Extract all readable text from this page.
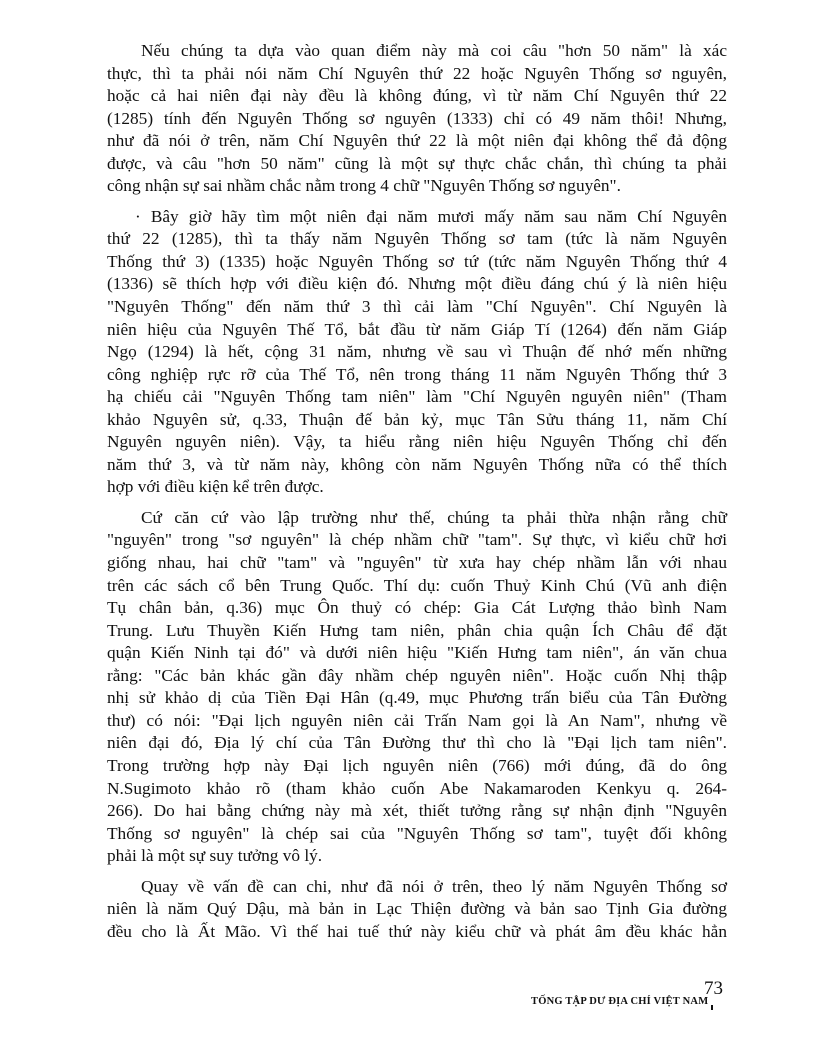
Nếu chúng ta dựa vào quan điểm này mà coi câu "hơn 50 năm" là xác
thực, thì ta phải nói năm Chí Nguyên thứ 22 hoặc Nguyên Thống sơ nguyên,
hoặc cả hai niên đại này đều là không đúng, vì từ năm Chí Nguyên thứ 22
(1285) tính đến Nguyên Thống sơ nguyên (1333) chỉ có 49 năm thôi! Nhưng,
như đã nói ở trên, năm Chí Nguyên thứ 22 là một niên đại không thể đả động
được, và câu "hơn 50 năm" cũng là một sự thực chắc chắn, thì chúng ta phải
công nhận sự sai nhầm chắc nằm trong 4 chữ "Nguyên Thống sơ nguyên".

· Bây giờ hãy tìm một niên đại năm mươi mấy năm sau năm Chí Nguyên
thứ 22 (1285), thì ta thấy năm Nguyên Thống sơ tam (tức là năm Nguyên
Thống thứ 3) (1335) hoặc Nguyên Thống sơ tứ (tức năm Nguyên Thống thứ 4
(1336) sẽ thích hợp với điều kiện đó. Nhưng một điều đáng chú ý là niên hiệu
"Nguyên Thống" đến năm thứ 3 thì cải làm "Chí Nguyên". Chí Nguyên là
niên hiệu của Nguyên Thế Tổ, bắt đầu từ năm Giáp Tí (1264) đến năm Giáp
Ngọ (1294) là hết, cộng 31 năm, nhưng về sau vì Thuận đế nhớ mến những
công nghiệp rực rỡ của Thế Tổ, nên trong tháng 11 năm Nguyên Thống thứ 3
hạ chiếu cải "Nguyên Thống tam niên" làm "Chí Nguyên nguyên niên" (Tham
khảo Nguyên sử, q.33, Thuận đế bản kỷ, mục Tân Sửu tháng 11, năm Chí
Nguyên nguyên niên). Vậy, ta hiểu rằng niên hiệu Nguyên Thống chỉ đến
năm thứ 3, và từ năm này, không còn năm Nguyên Thống nữa có thể thích
hợp với điều kiện kể trên được.

Cứ căn cứ vào lập trường như thế, chúng ta phải thừa nhận rằng chữ
"nguyên" trong "sơ nguyên" là chép nhầm chữ "tam". Sự thực, vì kiểu chữ hơi
giống nhau, hai chữ "tam" và "nguyên" từ xưa hay chép nhầm lẫn với nhau
trên các sách cổ bên Trung Quốc. Thí dụ: cuốn Thuỷ Kinh Chú (Vũ anh điện
Tụ chân bản, q.36) mục Ôn thuỷ có chép: Gia Cát Lượng thảo bình Nam
Trung. Lưu Thuyền Kiến Hưng tam niên, phân chia quận Ích Châu để đặt
quận Kiến Ninh tại đó" và dưới niên hiệu "Kiến Hưng tam niên", án văn chua
rằng: "Các bản khác gần đây nhầm chép nguyên niên". Hoặc cuốn Nhị thập
nhị sử khảo dị của Tiền Đại Hân (q.49, mục Phương trấn biểu của Tân Đường
thư) có nói: "Đại lịch nguyên niên cải Trấn Nam gọi là An Nam", nhưng về
niên đại đó, Địa lý chí của Tân Đường thư thì cho là "Đại lịch tam niên".
Trong trường hợp này Đại lịch nguyên niên (766) mới đúng, đã do ông
N.Sugimoto khảo rõ (tham khảo cuốn Abe Nakamaroden Kenkyu q. 264-
266). Do hai bằng chứng này mà xét, thiết tưởng rằng sự nhận định "Nguyên
Thống sơ nguyên" là chép sai của "Nguyên Thống sơ tam", tuyệt đối không
phải là một sự suy tưởng vô lý.

Quay về vấn đề can chi, như đã nói ở trên, theo lý năm Nguyên Thống sơ
niên là năm Quý Dậu, mà bản in Lạc Thiện đường và bản sao Tịnh Gia đường
đều cho là Ất Mão. Vì thế hai tuế thứ này kiểu chữ và phát âm đều khác hẳn

TỐNG TẬP DƯ ĐỊA CHÍ VIỆT NAM
73
